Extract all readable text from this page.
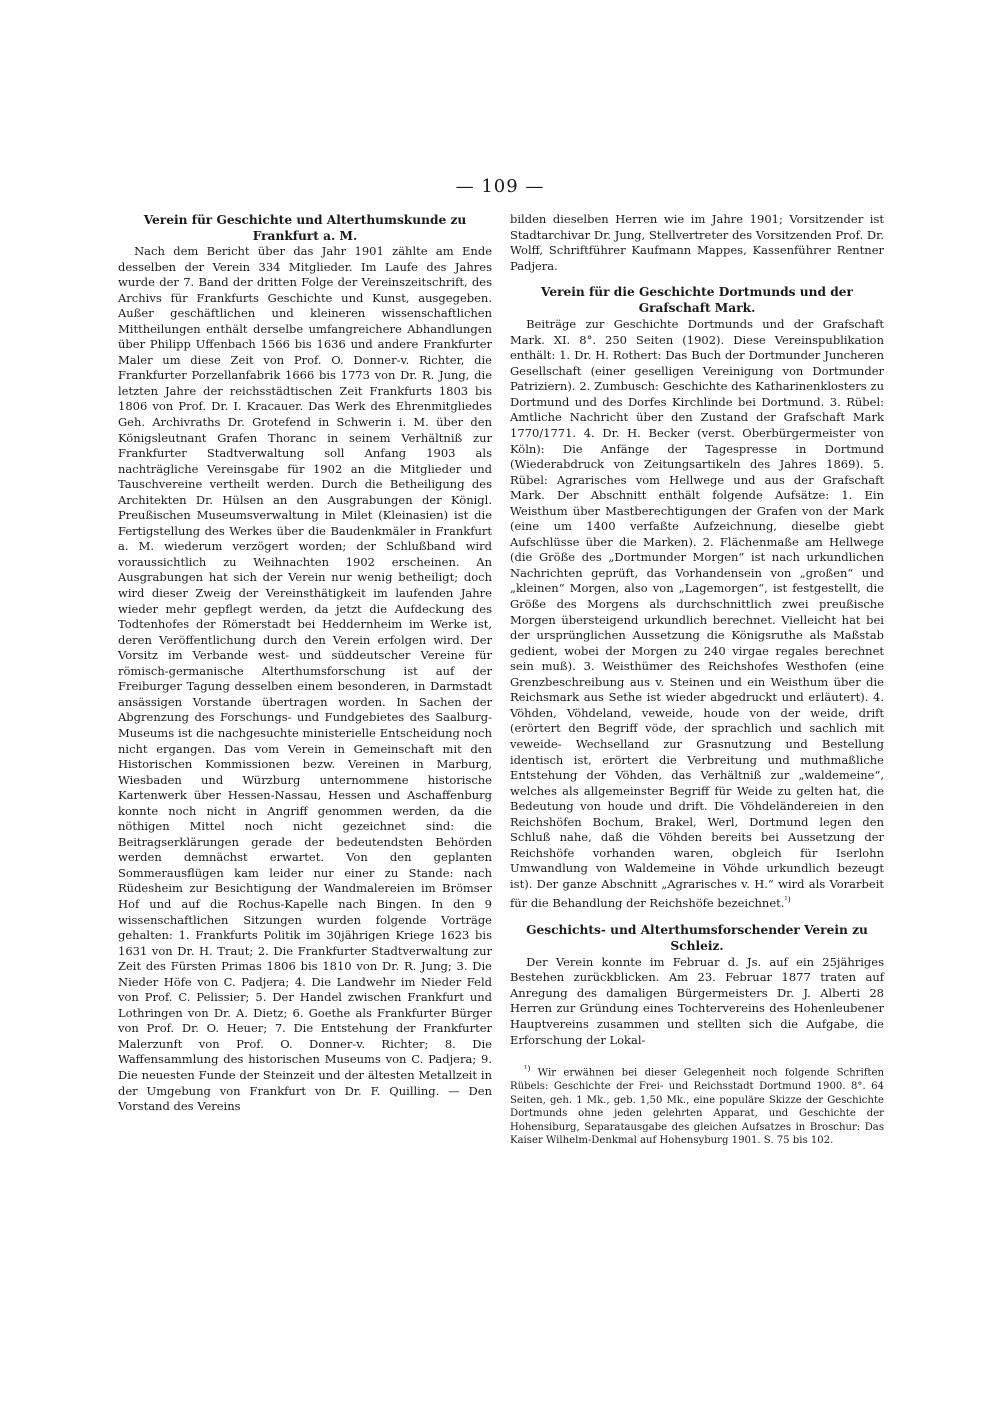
— 109 —
Verein für Geschichte und Alterthumskunde zu Frankfurt a. M.

Nach dem Bericht über das Jahr 1901 zählte am Ende desselben der Verein 334 Mitglieder. Im Laufe des Jahres wurde der 7. Band der dritten Folge der Vereinszeitschrift, des Archivs für Frankfurts Geschichte und Kunst, ausgegeben. Außer geschäftlichen und kleineren wissenschaftlichen Mittheilungen enthält derselbe umfangreichere Abhandlungen über Philipp Uffenbach 1566 bis 1636 und andere Frankfurter Maler um diese Zeit von Prof. O. Donner-v. Richter, die Frankfurter Porzellanfabrik 1666 bis 1773 von Dr. R. Jung, die letzten Jahre der reichsstädtischen Zeit Frankfurts 1803 bis 1806 von Prof. Dr. I. Kracauer. Das Werk des Ehrenmitgliedes Geh. Archivraths Dr. Grotefend in Schwerin i. M. über den Königsleutnant Grafen Thoranc in seinem Verhältniß zur Frankfurter Stadtverwaltung soll Anfang 1903 als nachträgliche Vereinsgabe für 1902 an die Mitglieder und Tauschvereine vertheilt werden. Durch die Betheiligung des Architekten Dr. Hülsen an den Ausgrabungen der Königl. Preußischen Museumsverwaltung in Milet (Kleinasien) ist die Fertigstellung des Werkes über die Baudenkmäler in Frankfurt a. M. wiederum verzögert worden; der Schlußband wird voraussichtlich zu Weihnachten 1902 erscheinen. An Ausgrabungen hat sich der Verein nur wenig betheiligt; doch wird dieser Zweig der Vereinsthätigkeit im laufenden Jahre wieder mehr gepflegt werden, da jetzt die Aufdeckung des Todtenhofes der Römerstadt bei Heddernheim im Werke ist, deren Veröffentlichung durch den Verein erfolgen wird. Der Vorsitz im Verbande west- und süddeutscher Vereine für römisch-germanische Alterthumsforschung ist auf der Freiburger Tagung desselben einem besonderen, in Darmstadt ansässigen Vorstande übertragen worden. In Sachen der Abgrenzung des Forschungs- und Fundgebietes des Saalburg-Museums ist die nachgesuchte ministerielle Entscheidung noch nicht ergangen. Das vom Verein in Gemeinschaft mit den Historischen Kommissionen bezw. Vereinen in Marburg, Wiesbaden und Würzburg unternommene historische Kartenwerk über Hessen-Nassau, Hessen und Aschaffenburg konnte noch nicht in Angriff genommen werden, da die nöthigen Mittel noch nicht gezeichnet sind: die Beitragserklärungen gerade der bedeutendsten Behörden werden demnächst erwartet. Von den geplanten Sommerausflügen kam leider nur einer zu Stande: nach Rüdesheim zur Besichtigung der Wandmalereien im Brömser Hof und auf die Rochus-Kapelle nach Bingen. In den 9 wissenschaftlichen Sitzungen wurden folgende Vorträge gehalten: 1. Frankfurts Politik im 30jährigen Kriege 1623 bis 1631 von Dr. H. Traut; 2. Die Frankfurter Stadtverwaltung zur Zeit des Fürsten Primas 1806 bis 1810 von Dr. R. Jung; 3. Die Nieder Höfe von C. Padjera; 4. Die Landwehr im Nieder Feld von Prof. C. Pelissier; 5. Der Handel zwischen Frankfurt und Lothringen von Dr. A. Dietz; 6. Goethe als Frankfurter Bürger von Prof. Dr. O. Heuer; 7. Die Entstehung der Frankfurter Malerzunft von Prof. O. Donner-v. Richter; 8. Die Waffensammlung des historischen Museums von C. Padjera; 9. Die neuesten Funde der Steinzeit und der ältesten Metallzeit in der Umgebung von Frankfurt von Dr. F. Quilling. — Den Vorstand des Vereins

bilden dieselben Herren wie im Jahre 1901; Vorsitzender ist Stadtarchivar Dr. Jung, Stellvertreter des Vorsitzenden Prof. Dr. Wolff, Schriftführer Kaufmann Mappes, Kassenführer Rentner Padjera.

Verein für die Geschichte Dortmunds und der Grafschaft Mark.

Beiträge zur Geschichte Dortmunds und der Grafschaft Mark. XI. 8°. 250 Seiten (1902). Diese Vereinspublikation enthält: 1. Dr. H. Rothert: Das Buch der Dortmunder Juncheren Gesellschaft (einer geselligen Vereinigung von Dortmunder Patriziern). 2. Zumbusch: Geschichte des Katharinenklosters zu Dortmund und des Dorfes Kirchlinde bei Dortmund. 3. Rübel: Amtliche Nachricht über den Zustand der Grafschaft Mark 1770/1771. 4. Dr. H. Becker (verst. Oberbürgermeister von Köln): Die Anfänge der Tagespresse in Dortmund (Wiederabdruck von Zeitungsartikeln des Jahres 1869). 5. Rübel: Agrarisches vom Hellwege und aus der Grafschaft Mark. Der Abschnitt enthält folgende Aufsätze: 1. Ein Weisthum über Mastberechtigungen der Grafen von der Mark (eine um 1400 verfaßte Aufzeichnung, dieselbe giebt Aufschlüsse über die Marken). 2. Flächenmaße am Hellwege (die Größe des „Dortmunder Morgen“ ist nach urkundlichen Nachrichten geprüft, das Vorhandensein von „großen“ und „kleinen“ Morgen, also von „Lagemorgen“, ist festgestellt, die Größe des Morgens als durchschnittlich zwei preußische Morgen übersteigend urkundlich berechnet. Vielleicht hat bei der ursprünglichen Aussetzung die Königsruthe als Maßstab gedient, wobei der Morgen zu 240 virgae regales berechnet sein muß). 3. Weisthümer des Reichshofes Westhofen (eine Grenzbeschreibung aus v. Steinen und ein Weisthum über die Reichsmark aus Sethe ist wieder abgedruckt und erläutert). 4. Vöhden, Vöhdeland, veweide, houde von der weide, drift (erörtert den Begriff vöde, der sprachlich und sachlich mit veweide- Wechselland zur Grasnutzung und Bestellung identisch ist, erörtert die Verbreitung und muthmaßliche Entstehung der Vöhden, das Verhältniß zur „waldemeine“, welches als allgemeinster Begriff für Weide zu gelten hat, die Bedeutung von houde und drift. Die Vöhdeländereien in den Reichshöfen Bochum, Brakel, Werl, Dortmund legen den Schluß nahe, daß die Vöhden bereits bei Aussetzung der Reichshöfe vorhanden waren, obgleich für Iserlohn Umwandlung von Waldemeine in Vöhde urkundlich bezeugt ist). Der ganze Abschnitt „Agrarisches v. H.“ wird als Vorarbeit für die Behandlung der Reichshöfe bezeichnet.$^{^1)}$

Geschichts- und Alterthumsforschender Verein zu Schleiz.

Der Verein konnte im Februar d. Js. auf ein 25jähriges Bestehen zurückblicken. Am 23. Februar 1877 traten auf Anregung des damaligen Bürgermeisters Dr. J. Alberti 28 Herren zur Gründung eines Tochtervereins des Hohenleubener Hauptvereins zusammen und stellten sich die Aufgabe, die Erforschung der Lokal-

$^{^1)}$ Wir erwähnen bei dieser Gelegenheit noch folgende Schriften Rübels: Geschichte der Frei- und Reichsstadt Dortmund 1900. 8°. 64 Seiten, geh. 1 Mk., geb. 1,50 Mk., eine populäre Skizze der Geschichte Dortmunds ohne jeden gelehrten Apparat, und Geschichte der Hohensiburg, Separatausgabe des gleichen Aufsatzes in Broschur: Das Kaiser Wilhelm-Denkmal auf Hohensyburg 1901. S. 75 bis 102.
